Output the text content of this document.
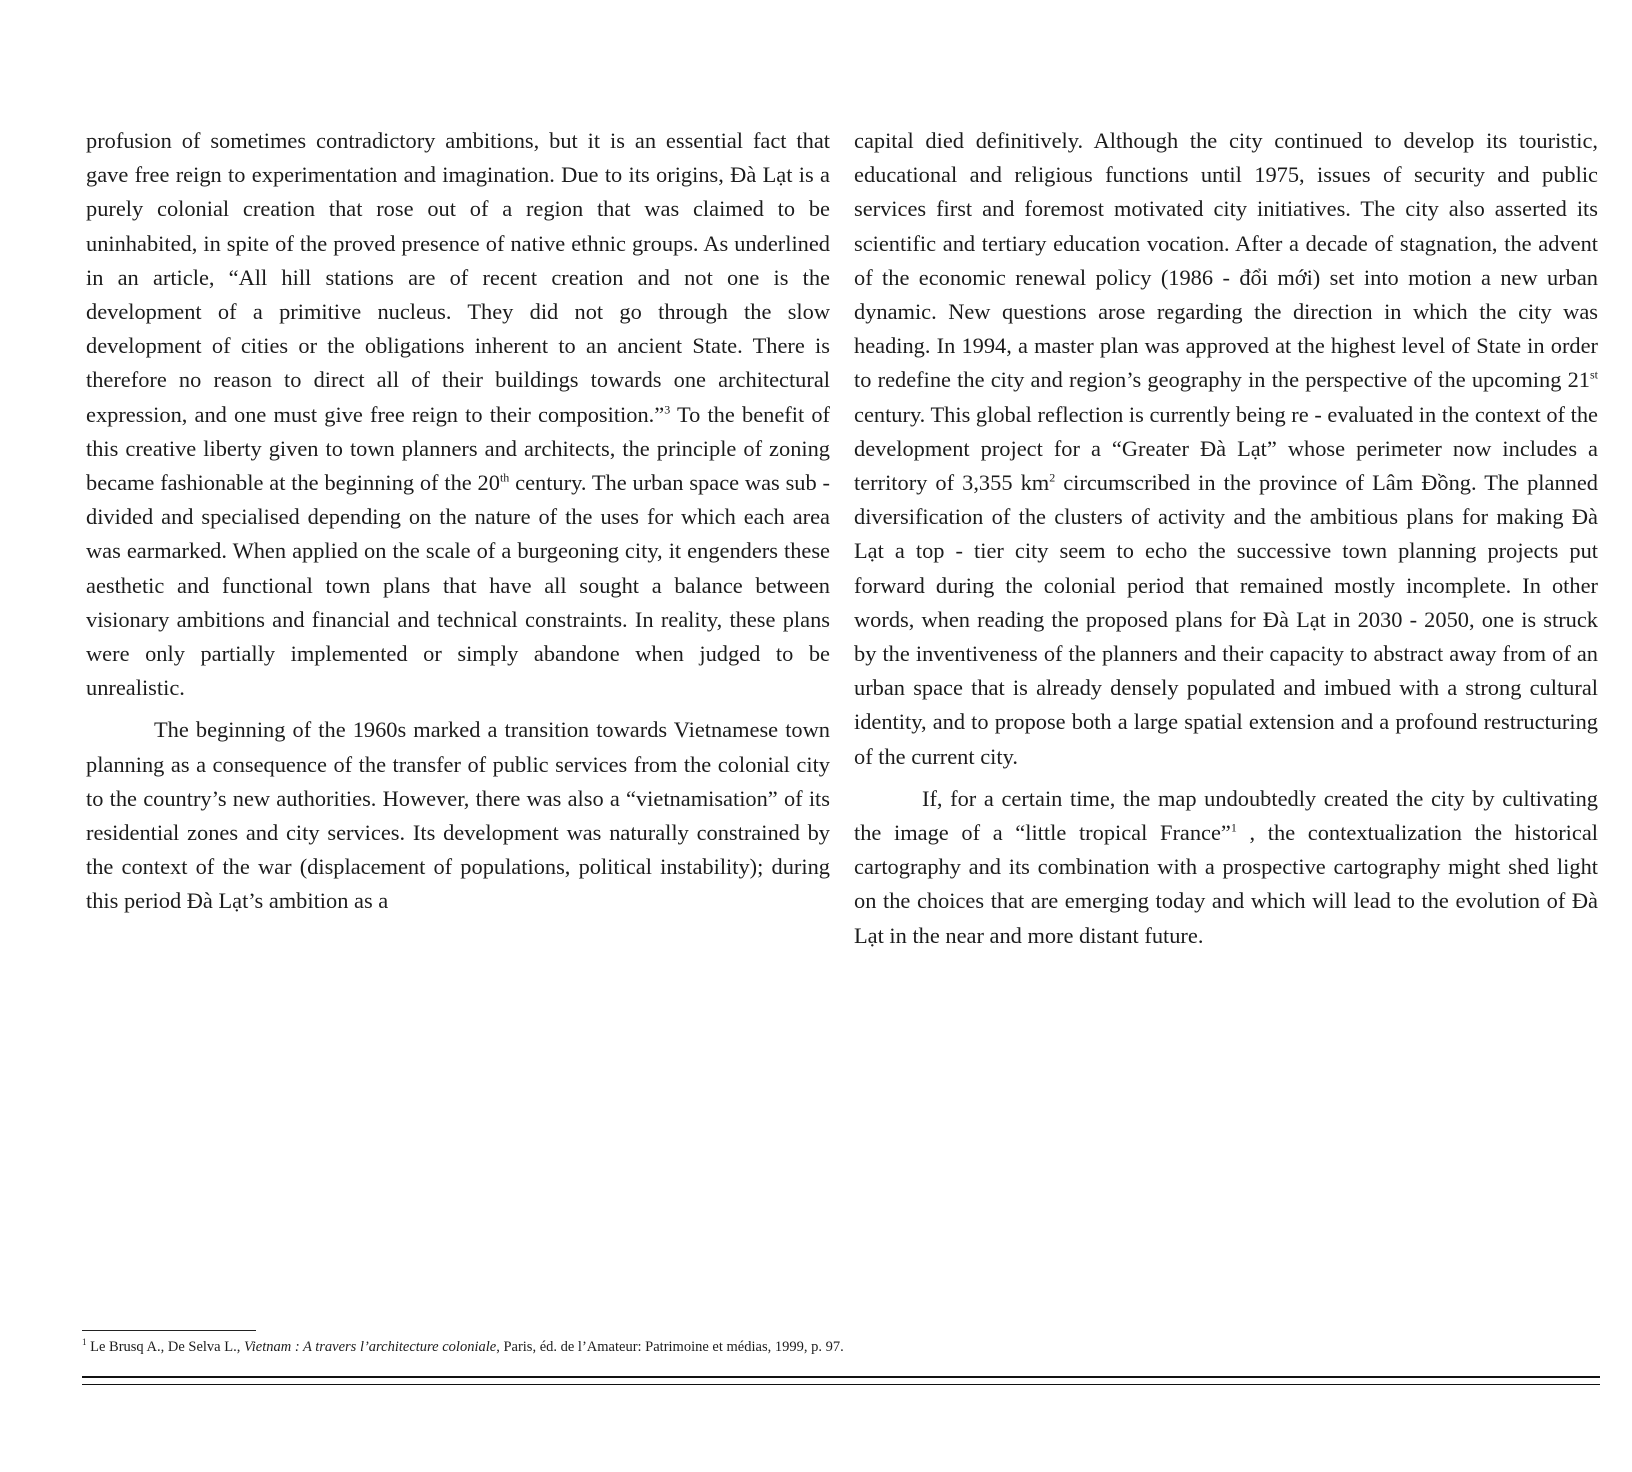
profusion of sometimes contradictory ambitions, but it is an essential fact that gave free reign to experimentation and imagination. Due to its origins, Đà Lạt is a purely colonial creation that rose out of a region that was claimed to be uninhabited, in spite of the proved presence of native ethnic groups. As underlined in an article, “All hill stations are of recent creation and not one is the development of a primitive nucleus. They did not go through the slow development of cities or the obligations inherent to an ancient State. There is therefore no reason to direct all of their buildings towards one architectural expression, and one must give free reign to their composition.”$^3$ To the benefit of this creative liberty given to town planners and architects, the principle of zoning became fashionable at the beginning of the 20th century. The urban space was sub - divided and specialised depending on the nature of the uses for which each area was earmarked. When applied on the scale of a burgeoning city, it engenders these aesthetic and functional town plans that have all sought a balance between visionary ambitions and financial and technical constraints. In reality, these plans were only partially implemented or simply abandone when judged to be unrealistic.

The beginning of the 1960s marked a transition towards Vietnamese town planning as a consequence of the transfer of public services from the colonial city to the country’s new authorities. However, there was also a “vietnamisation” of its residential zones and city services. Its development was naturally constrained by the context of the war (displacement of populations, political instability); during this period Đà Lạt’s ambition as a

capital died definitively. Although the city continued to develop its touristic, educational and religious functions until 1975, issues of security and public services first and foremost motivated city initiatives. The city also asserted its scientific and tertiary education vocation. After a decade of stagnation, the advent of the economic renewal policy (1986 - đổi mới) set into motion a new urban dynamic. New questions arose regarding the direction in which the city was heading. In 1994, a master plan was approved at the highest level of State in order to redefine the city and region’s geography in the perspective of the upcoming 21st century. This global reflection is currently being re - evaluated in the context of the development project for a “Greater Đà Lạt” whose perimeter now includes a territory of 3,355 $km^2$ circumscribed in the province of Lâm Đồng. The planned diversification of the clusters of activity and the ambitious plans for making Đà Lạt a top - tier city seem to echo the successive town planning projects put forward during the colonial period that remained mostly incomplete. In other words, when reading the proposed plans for Đà Lạt in 2030 - 2050, one is struck by the inventiveness of the planners and their capacity to abstract away from of an urban space that is already densely populated and imbued with a strong cultural identity, and to propose both a large spatial extension and a profound restructuring of the current city.

If, for a certain time, the map undoubtedly created the city by cultivating the image of a “little tropical France”$^1$ , the contextualization the historical cartography and its combination with a prospective cartography might shed light on the choices that are emerging today and which will lead to the evolution of Đà Lạt in the near and more distant future.

$^1$ Le Brusq A., De Selva L., Vietnam : A travers l’architecture coloniale, Paris, éd. de l’Amateur: Patrimoine et médias, 1999, p. 97.
